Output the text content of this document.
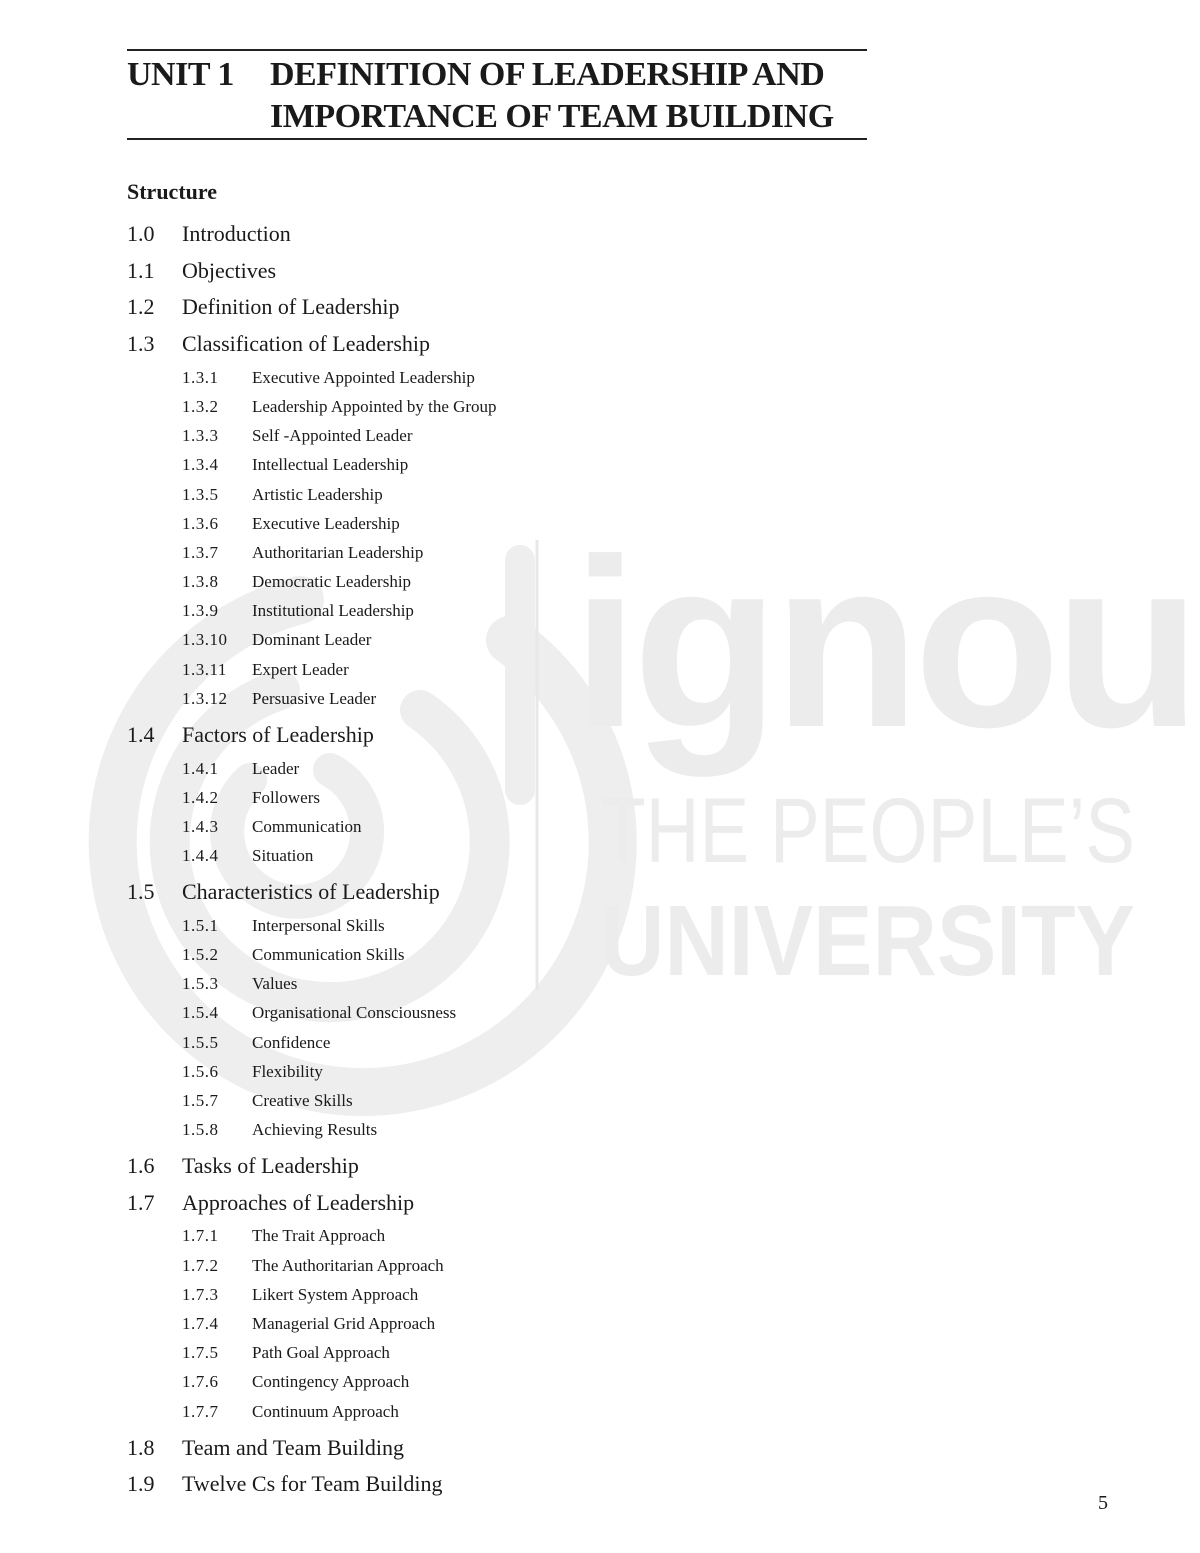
ignou
THE PEOPLE’S
UNIVERSITY
UNIT 1 DEFINITION OF LEADERSHIP AND
IMPORTANCE OF TEAM BUILDING
Structure
1.0 Introduction
1.1 Objectives
1.2 Definition of Leadership
1.3 Classification of Leadership
1.3.1 Executive Appointed Leadership
1.3.2 Leadership Appointed by the Group
1.3.3 Self -Appointed Leader
1.3.4 Intellectual Leadership
1.3.5 Artistic Leadership
1.3.6 Executive Leadership
1.3.7 Authoritarian Leadership
1.3.8 Democratic Leadership
1.3.9 Institutional Leadership
1.3.10 Dominant Leader
1.3.11 Expert Leader
1.3.12 Persuasive Leader
1.4 Factors of Leadership
1.4.1 Leader
1.4.2 Followers
1.4.3 Communication
1.4.4 Situation
1.5 Characteristics of Leadership
1.5.1 Interpersonal Skills
1.5.2 Communication Skills
1.5.3 Values
1.5.4 Organisational Consciousness
1.5.5 Confidence
1.5.6 Flexibility
1.5.7 Creative Skills
1.5.8 Achieving Results
1.6 Tasks of Leadership
1.7 Approaches of Leadership
1.7.1 The Trait Approach
1.7.2 The Authoritarian Approach
1.7.3 Likert System Approach
1.7.4 Managerial Grid Approach
1.7.5 Path Goal Approach
1.7.6 Contingency Approach
1.7.7 Continuum Approach
1.8 Team and Team Building
1.9 Twelve Cs for Team Building
5
